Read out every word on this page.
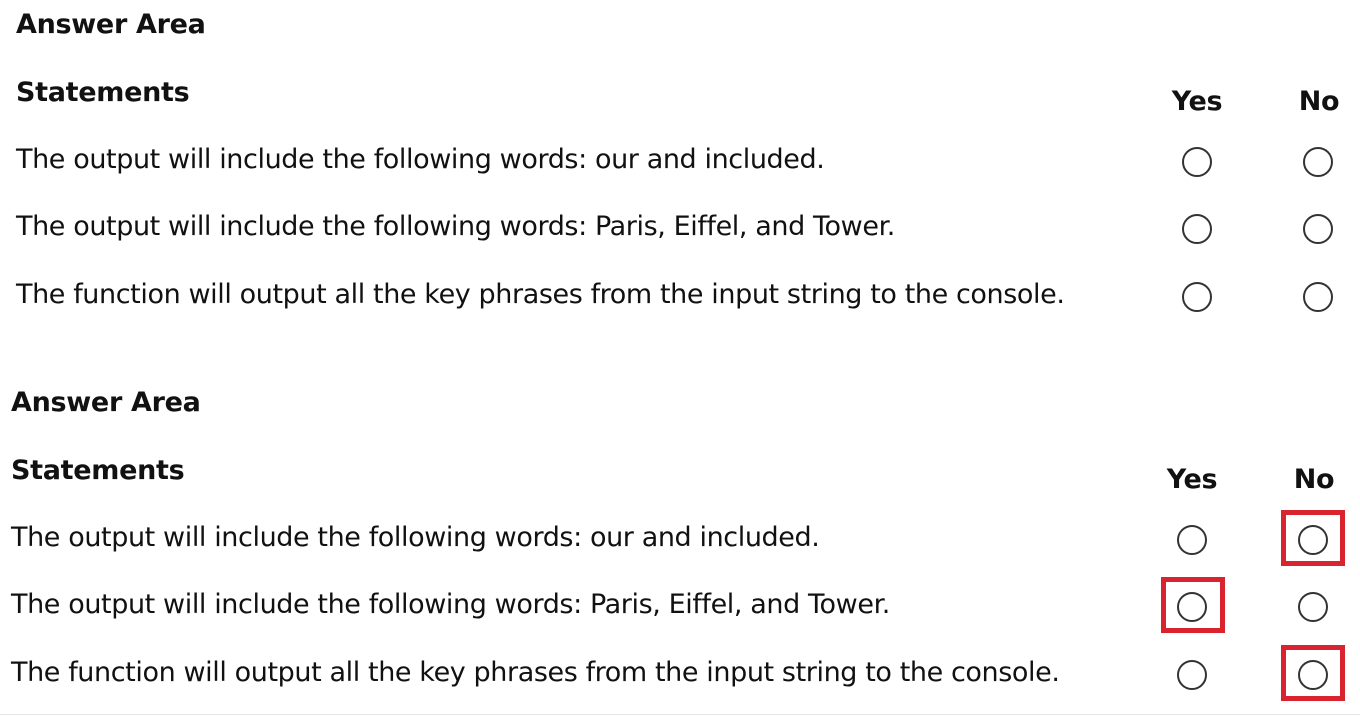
Answer Area
Statements	Yes	No
The output will include the following words: our and included.
The output will include the following words: Paris, Eiffel, and Tower.
The function will output all the key phrases from the input string to the console.
Answer Area
Statements	Yes	No
The output will include the following words: our and included.
The output will include the following words: Paris, Eiffel, and Tower.
The function will output all the key phrases from the input string to the console.
